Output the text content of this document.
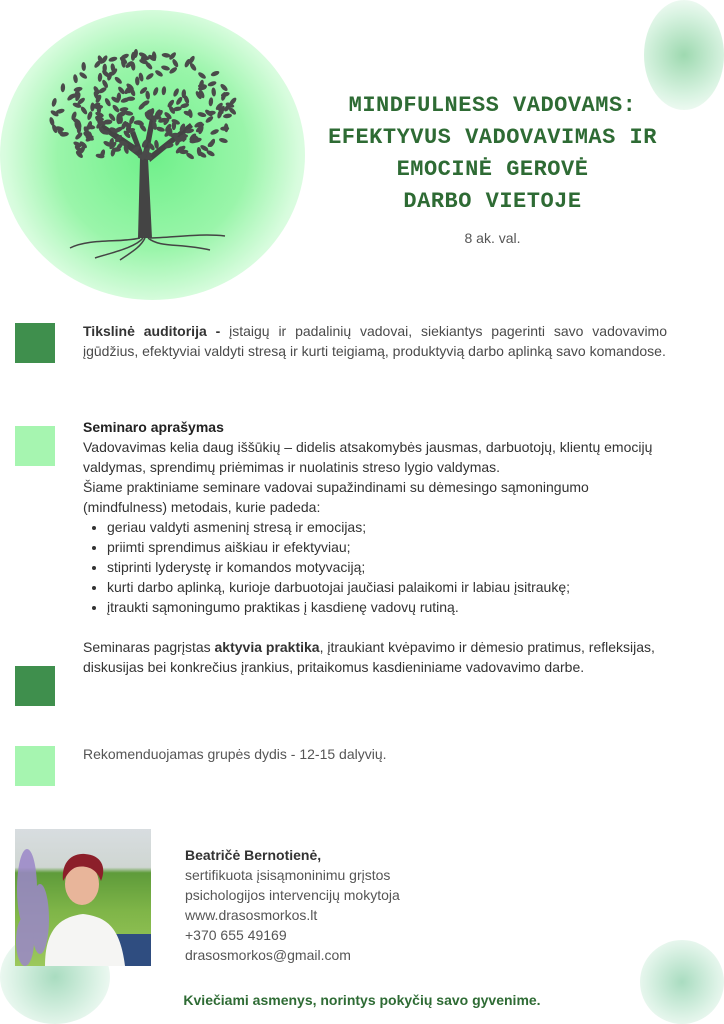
MINDFULNESS VADOVAMS:
EFEKTYVUS VADOVAVIMAS IR
EMOCINĖ GEROVĖ
DARBO VIETOJE
8 ak. val.
Tikslinė auditorija - įstaigų ir padalinių vadovai, siekiantys pagerinti savo vadovavimo įgūdžius, efektyviai valdyti stresą ir kurti teigiamą, produktyvią darbo aplinką savo komandose.
Seminaro aprašymas
Vadovavimas kelia daug iššūkių – didelis atsakomybės jausmas, darbuotojų, klientų emocijų valdymas, sprendimų priėmimas ir nuolatinis streso lygio valdymas.
Šiame praktiniame seminare vadovai supažindinami su dėmesingo sąmoningumo (mindfulness) metodais, kurie padeda:
• geriau valdyti asmeninį stresą ir emocijas;
• priimti sprendimus aiškiau ir efektyviau;
• stiprinti lyderystę ir komandos motyvaciją;
• kurti darbo aplinką, kurioje darbuotojai jaučiasi palaikomi ir labiau įsitraukę;
• įtraukti sąmoningumo praktikas į kasdienę vadovų rutiną.
Seminaras pagrįstas aktyvia praktika, įtraukiant kvėpavimo ir dėmesio pratimus, refleksijas, diskusijas bei konkrečius įrankius, pritaikomus kasdieniniame vadovavimo darbe.
Rekomenduojamas grupės dydis - 12-15 dalyvių.
Beatričė Bernotienė,
sertifikuota įsisąmoninimu grįstos
psichologijos intervencijų mokytoja
www.drasosmorkos.lt
+370 655 49169
drasosmorkos@gmail.com
Kviečiami asmenys, norintys pokyčių savo gyvenime.
